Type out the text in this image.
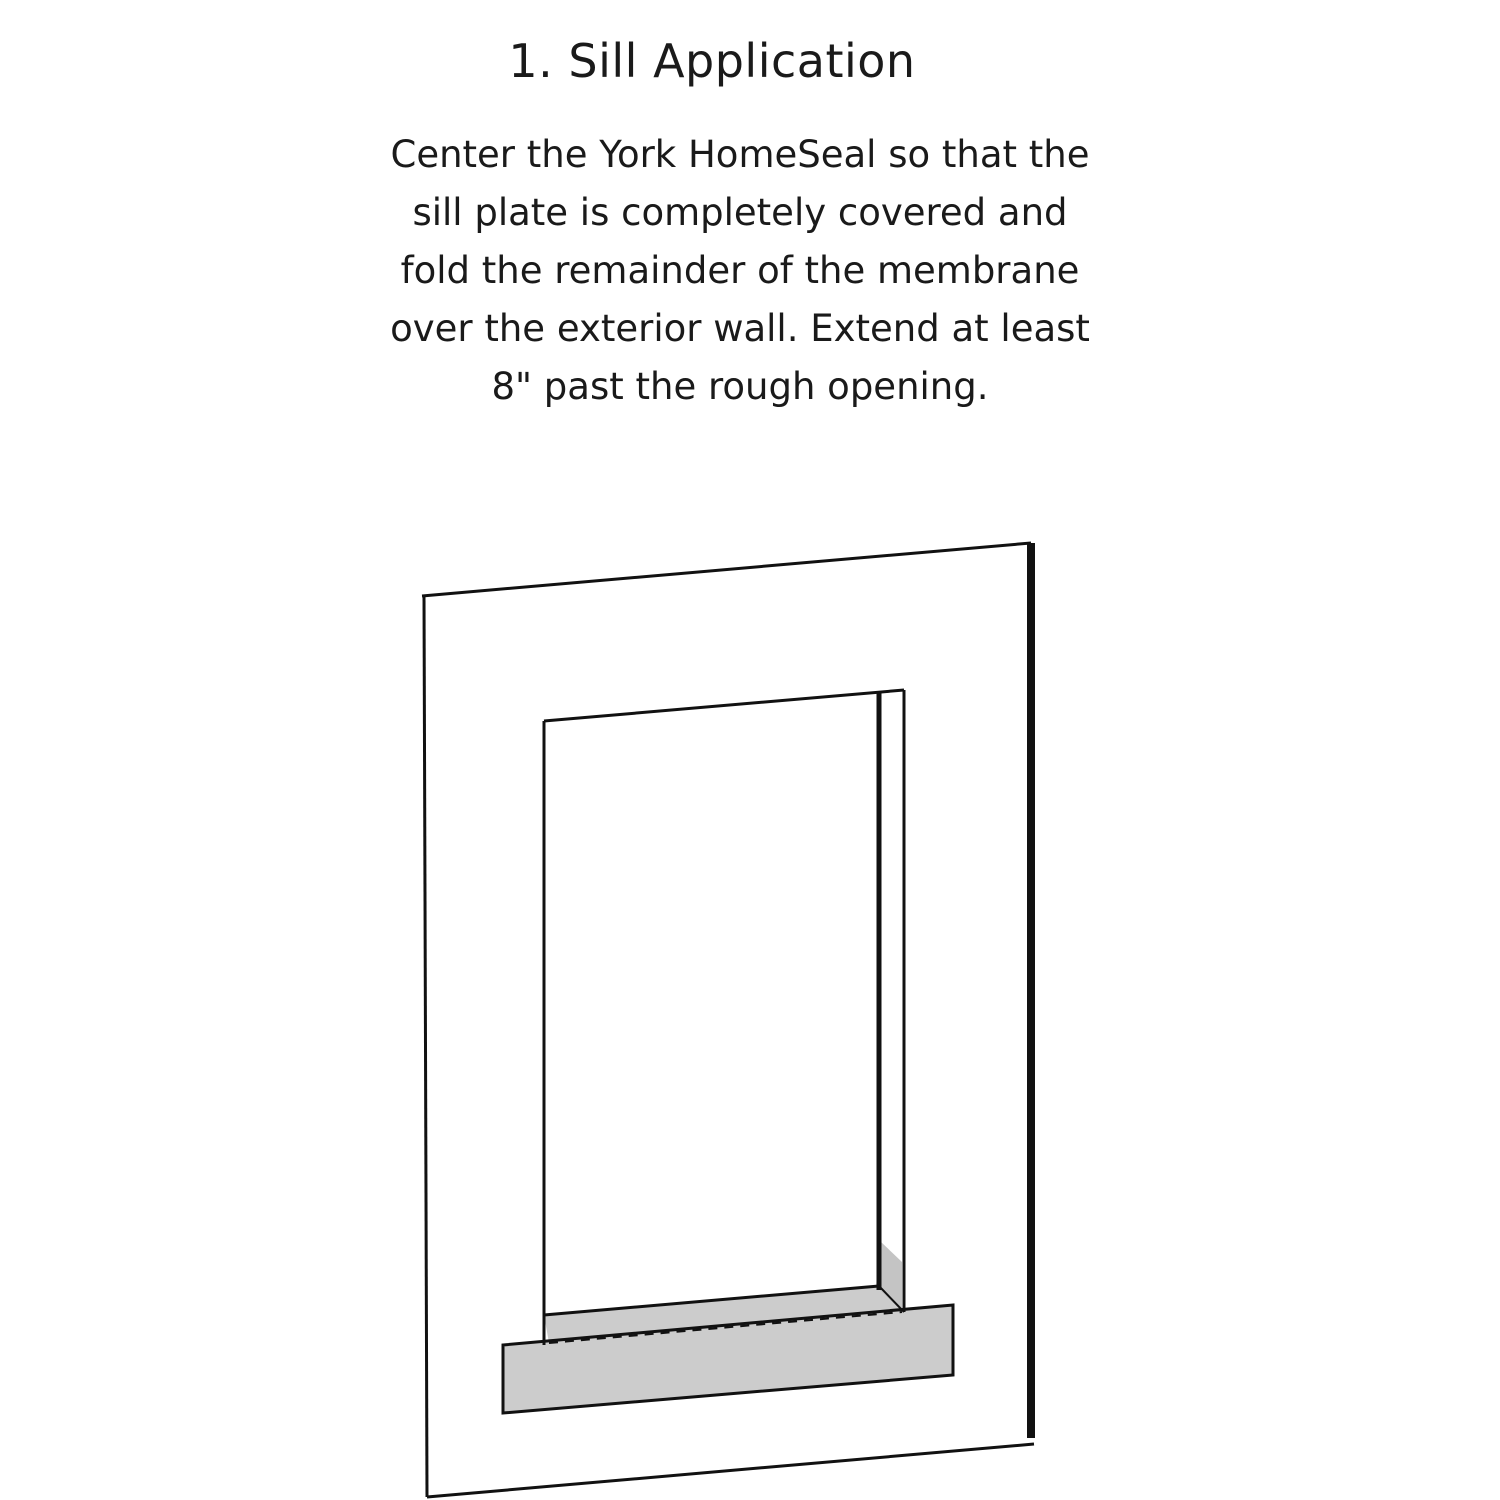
1. Sill Application

Center the York HomeSeal so that the sill plate is completely covered and fold the remainder of the membrane over the exterior wall. Extend at least 8" past the rough opening.
